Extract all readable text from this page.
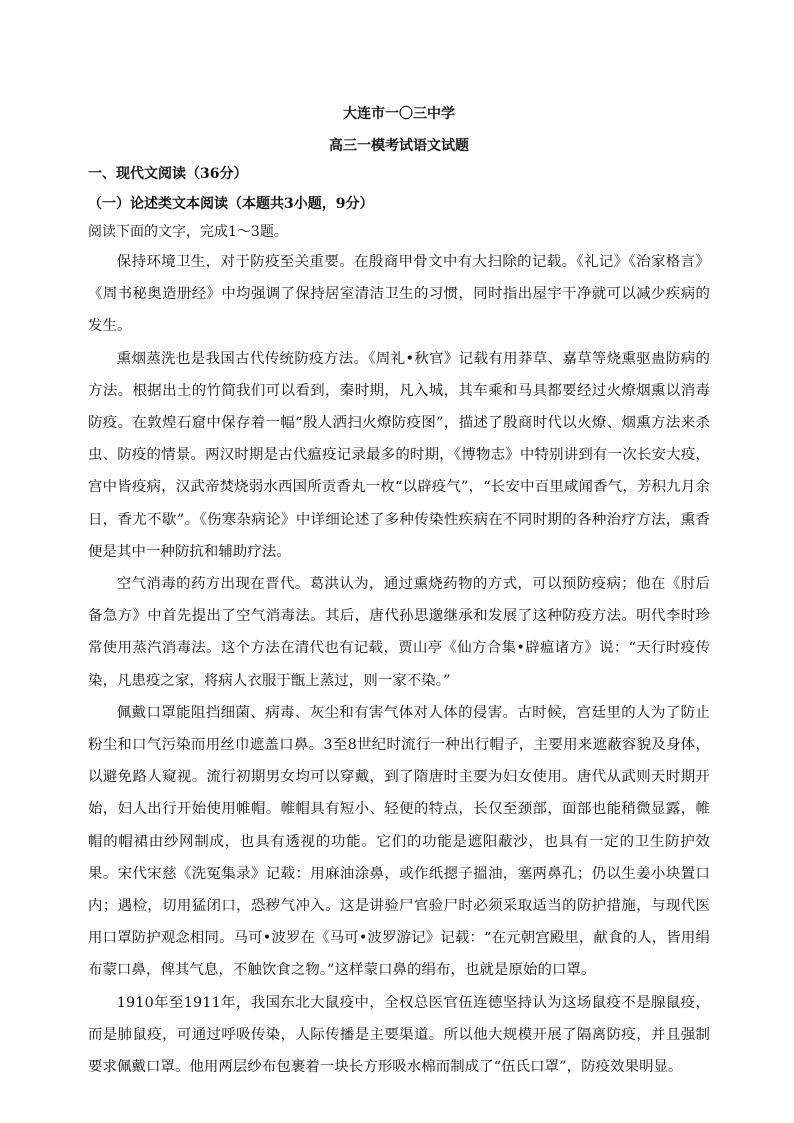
大连市一〇三中学

高三一模考试语文试题

一、现代文阅读（36分）

（一）论述类文本阅读（本题共3小题，9分）

阅读下面的文字，完成1～3题。

保持环境卫生，对于防疫至关重要。在殷商甲骨文中有大扫除的记载。《礼记》《治家格言》《周书秘奥造册经》中均强调了保持居室清洁卫生的习惯，同时指出屋宇干净就可以减少疾病的发生。

熏烟蒸洗也是我国古代传统防疫方法。《周礼•秋官》记载有用莽草、嘉草等烧熏驱蛊防病的方法。根据出土的竹简我们可以看到，秦时期，凡入城，其车乘和马具都要经过火燎烟熏以消毒防疫。在敦煌石窟中保存着一幅“殷人洒扫火燎防疫图”，描述了殷商时代以火燎、烟熏方法来杀虫、防疫的情景。两汉时期是古代瘟疫记录最多的时期，《博物志》中特别讲到有一次长安大疫，宫中皆疫病，汉武帝焚烧弱水西国所贡香丸一枚“以辟疫气”，“长安中百里咸闻香气，芳积九月余日，香尤不歇”。《伤寒杂病论》中详细论述了多种传染性疾病在不同时期的各种治疗方法，熏香便是其中一种防抗和辅助疗法。

空气消毒的药方出现在晋代。葛洪认为，通过熏烧药物的方式，可以预防疫病；他在《肘后备急方》中首先提出了空气消毒法。其后，唐代孙思邈继承和发展了这种防疫方法。明代李时珍常使用蒸汽消毒法。这个方法在清代也有记载，贾山亭《仙方合集•辟瘟诸方》说：“天行时疫传染，凡患疫之家，将病人衣服于甑上蒸过，则一家不染。”

佩戴口罩能阻挡细菌、病毒、灰尘和有害气体对人体的侵害。古时候，宫廷里的人为了防止粉尘和口气污染而用丝巾遮盖口鼻。3至8世纪时流行一种出行帽子，主要用来遮蔽容貌及身体，以避免路人窥视。流行初期男女均可以穿戴，到了隋唐时主要为妇女使用。唐代从武则天时期开始，妇人出行开始使用帷帽。帷帽具有短小、轻便的特点，长仅至颈部，面部也能稍微显露，帷帽的帽裙由纱网制成，也具有透视的功能。它们的功能是遮阳蔽沙，也具有一定的卫生防护效果。宋代宋慈《洗冤集录》记载：用麻油涂鼻，或作纸摁子搵油，塞两鼻孔；仍以生姜小块置口内；遇检，切用猛闭口，恐秽气冲入。这是讲验尸官验尸时必须采取适当的防护措施，与现代医用口罩防护观念相同。马可•波罗在《马可•波罗游记》记载：“在元朝宫殿里，献食的人，皆用绢布蒙口鼻，俾其气息，不触饮食之物。”这样蒙口鼻的绢布，也就是原始的口罩。

1910年至1911年，我国东北大鼠疫中，全权总医官伍连德坚持认为这场鼠疫不是腺鼠疫，而是肺鼠疫，可通过呼吸传染，人际传播是主要渠道。所以他大规模开展了隔离防疫，并且强制要求佩戴口罩。他用两层纱布包裹着一块长方形吸水棉而制成了“伍氏口罩”，防疫效果明显。
